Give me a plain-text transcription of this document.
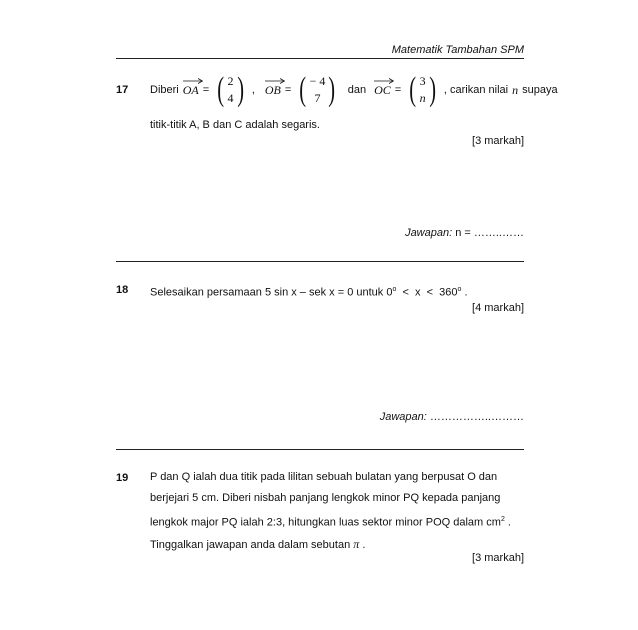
Matematik Tambahan SPM
17 Diberi OA = ( 2
4 ) , OB = ( − 4
7 ) dan OC = ( 3
n ) , carikan nilai n supaya
titik-titik A, B dan C adalah segaris.
[3 markah]
Jawapan: n = ……..……
18 Selesaikan persamaan 5 sin x – sek x = 0 untuk 0$^o$  <  x  <  360$^o$ .
[4 markah]
Jawapan: ……………..………
19 P dan Q ialah dua titik pada lilitan sebuah bulatan yang berpusat O dan
berjejari 5 cm. Diberi nisbah panjang lengkok minor PQ kepada panjang
lengkok major PQ ialah 2:3, hitungkan luas sektor minor POQ dalam $cm^2$ .
Tinggalkan jawapan anda dalam sebutan π .
[3 markah]
